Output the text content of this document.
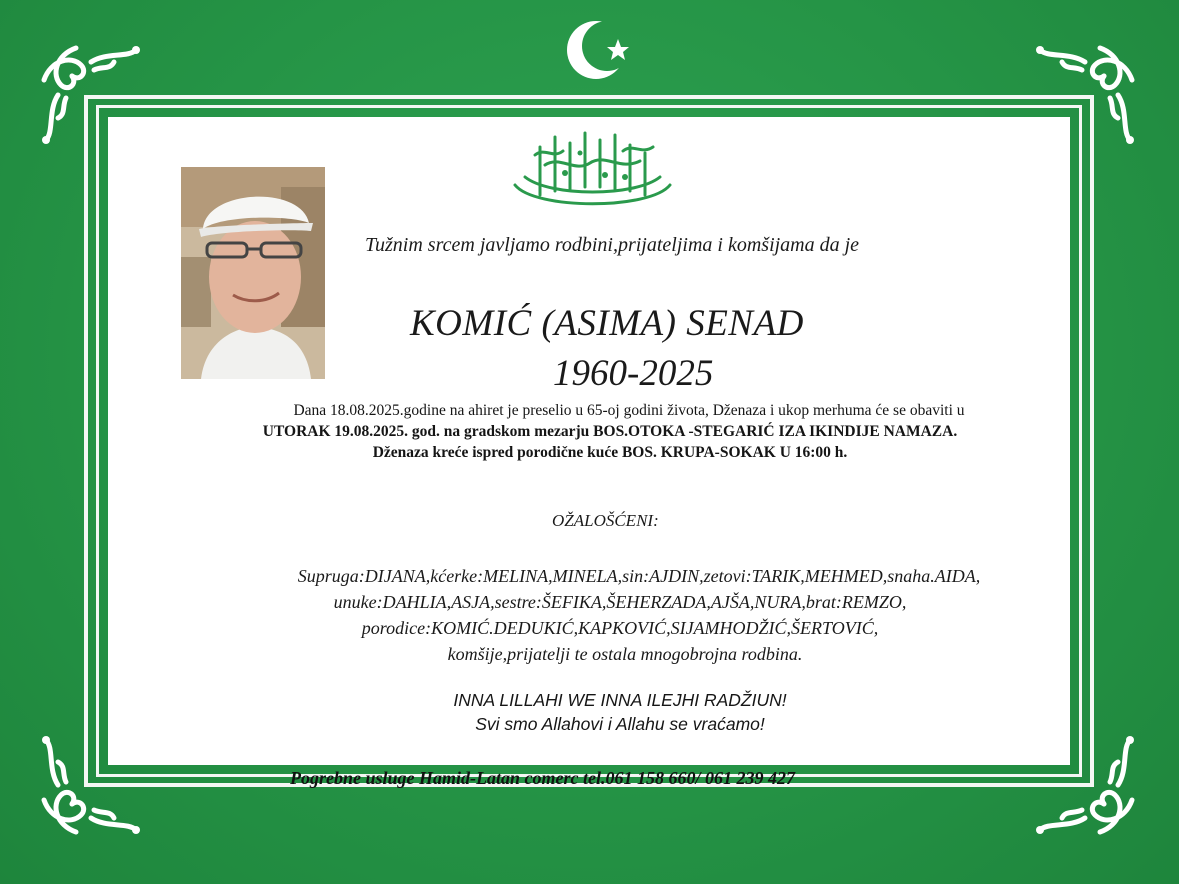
Tužnim srcem javljamo rodbini,prijateljima i komšijama da je
KOMIĆ (ASIMA) SENAD
1960-2025
Dana 18.08.2025.godine na ahiret je preselio u 65-oj godini života, Dženaza i ukop merhuma će se obaviti u
UTORAK 19.08.2025. god. na gradskom mezarju BOS.OTOKA -STEGARIĆ IZA IKINDIJE NAMAZA.
Dženaza kreće ispred porodične kuće BOS. KRUPA-SOKAK U 16:00 h.
OŽALOŠĆENI:
Supruga:DIJANA,kćerke:MELINA,MINELA,sin:AJDIN,zetovi:TARIK,MEHMED,snaha.AIDA,
unuke:DAHLIA,ASJA,sestre:ŠEFIKA,ŠEHERZADA,AJŠA,NURA,brat:REMZO,
porodice:KOMIĆ.DEDUKIĆ,KAPKOVIĆ,SIJAMHODŽIĆ,ŠERTOVIĆ,
komšije,prijatelji te ostala mnogobrojna rodbina.
INNA LILLAHI WE INNA ILEJHI RADŽIUN!
Svi smo Allahovi i Allahu se vraćamo!
Pogrebne usluge Hamid-Latan comerc tel.061 158 660/ 061 239 427
